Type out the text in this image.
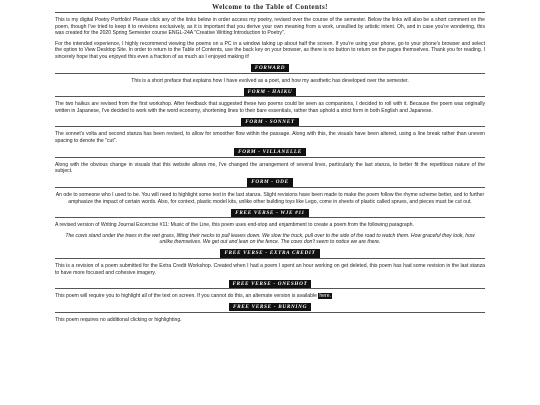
Welcome to the Table of Contents!
This is my digital Poetry Portfolio! Please click any of the links below in order access my poetry, revised over the course of the semester. Below the links will also be a short comment on the poem, though I've tried to keep it to revisions exclusively, as it is important that you derive your own meaning from a work, unsullied by artistic intent. Oh, and in case you're wondering, this was created for the 2020 Spring Semester course ENGL-24A "Creative Writing:Introduction to Poetry".
For the intended experience, I highly recommend viewing the poems on a PC in a window taking up about half the screen. If you're using your phone, go to your phone's browser and select the option to View Desktop Site. In order to return to the Table of Contents, use the back key on your browser, as there is no button to return on the pages themselves. Thank you for reading. I sincerely hope that you enjoyed this even a fraction of as much as I enjoyed making it!
FORWARD
This is a short preface that explains how I have evolved as a poet, and how my aesthetic has developed over the semester.
FORM - HAIKU
The two haikus are revised from the first workshop. After feedback that suggested these two poems could be seen as companions, I decided to roll with it. Because the poem was originally written in Japanese, I've decided to work with the word economy, shortening lines to their bare essentials, rather than uphold a strict form in both English and Japanese.
FORM - SONNET
The sonnet's volta and second stanza has been revised, to allow for smoother flow within the passage. Along with this, the visuals have been altered, using a line break rather than uneven spacing to denote the "cut".
FORM - VILLANELLE
Along with the obvious change in visuals that this website allows me, I've changed the arrangement of several lines, particularly the last stanza, to better fit the repetitious nature of the subject.
FORM - ODE
An ode to someone who I used to be. You will need to highlight some text in the last stanza. Slight revisions have been made to make the poem follow the rhyme scheme better, and to further amphasize the impact of certain words. Also, for context, plastic model kits, unlike other building toys like Lego, come in sheets of plastic called sprues, and pieces must be cut out.
FREE VERSE - WJE #11
A revised version of Writing Journal Excercise #11: Music of the Line, this poem uses end-stop and enjambment to create a poem from the following paragraph.
The cows stand under the trees in the wet grass, lifting their necks to pull leaves down. We slow the truck, pull over to the side of the road to watch them. How graceful they look, how unlike themselves. We get out and lean on the fence. The cows don't seem to notice we are there.
FREE VERSE - EXTRA CREDIT
This is a revision of a poem submitted for the Extra Credit Workshop. Created when I had a poem I spent an hour working on get deleted, this poem has had some revision in the last stanza to have more focused and cohesive imagery.
FREE VERSE - ONESHOT
This poem will require you to highlight all of the text on screen. If you cannot do this, an alternate version is available here.
FREE VERSE - BURNING
This poem requires no additional clicking or highlighting.
